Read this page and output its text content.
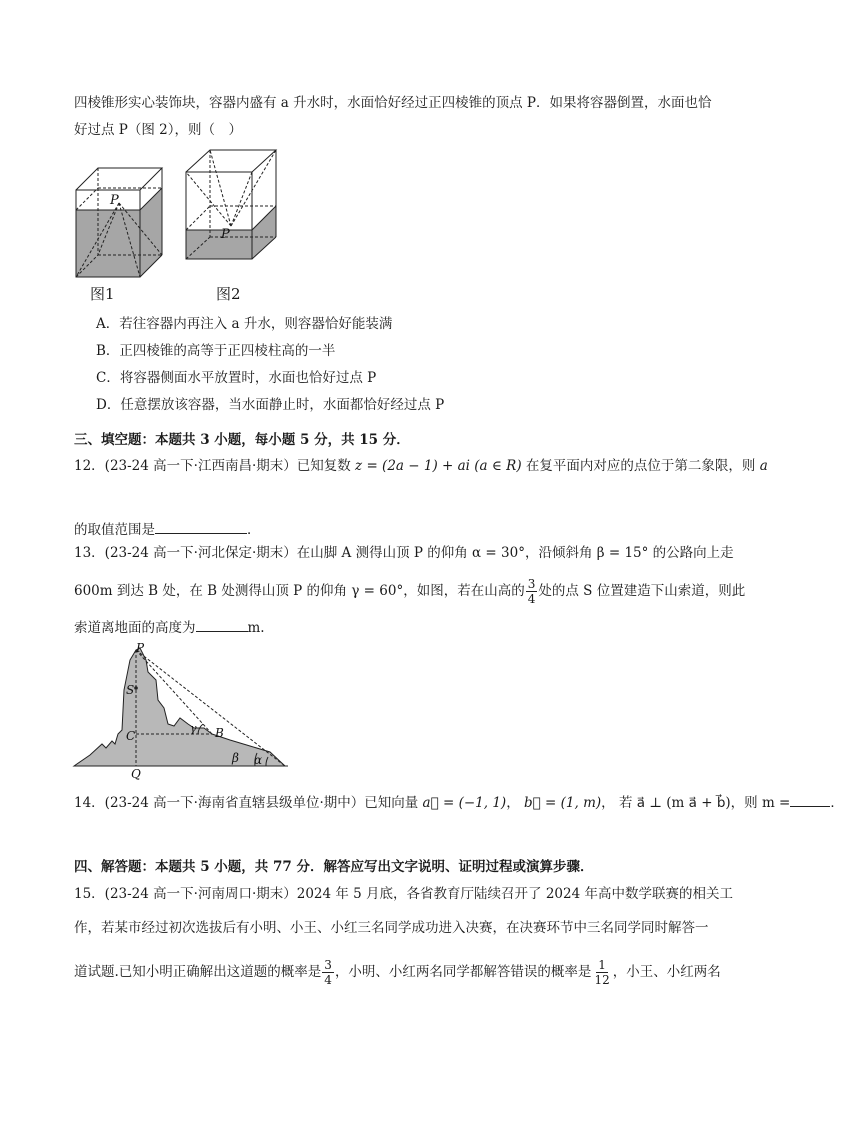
四棱锥形实心装饰块，容器内盛有 a 升水时，水面恰好经过正四棱锥的顶点 P．如果将容器倒置，水面也恰
好过点 P（图 2），则（　）
P
P
图1	图2
A．若往容器内再注入 a 升水，则容器恰好能装满
B．正四棱锥的高等于正四棱柱高的一半
C．将容器侧面水平放置时，水面也恰好过点 P
D．任意摆放该容器，当水面静止时，水面都恰好经过点 P
三、填空题：本题共 3 小题，每小题 5 分，共 15 分．
12．(23-24 高一下·江西南昌·期末）已知复数 z = (2a − 1) + ai (a ∈ R) 在复平面内对应的点位于第二象限，则 a
的取值范围是	．
13．(23-24 高一下·河北保定·期末）在山脚 A 测得山顶 P 的仰角 α = 30°，沿倾斜角 β = 15° 的公路向上走
600m 到达 B 处，在 B 处测得山顶 P 的仰角 γ = 60°，如图，若在山高的 $\frac{3}{4}$ 处的点 S 位置建造下山索道，则此
索道离地面的高度为	m.
P
S
C	B
Q
β α
γ
14．(23-24 高一下·海南省直辖县级单位·期中）已知向量 a⃗ = (−1, 1)， b⃗ = (1, m)， 若 a⃗ ⊥ (m a⃗ + b⃗)，则 m =	．
四、解答题：本题共 5 小题，共 77 分．解答应写出文字说明、证明过程或演算步骤．
15．(23-24 高一下·河南周口·期末）2024 年 5 月底，各省教育厅陆续召开了 2024 年高中数学联赛的相关工
作，若某市经过初次选拔后有小明、小王、小红三名同学成功进入决赛，在决赛环节中三名同学同时解答一
道试题.已知小明正确解出这道题的概率是 $\frac{3}{4}$ ，小明、小红两名同学都解答错误的概率是 $\frac{1}{12}$ ，小王、小红两名
